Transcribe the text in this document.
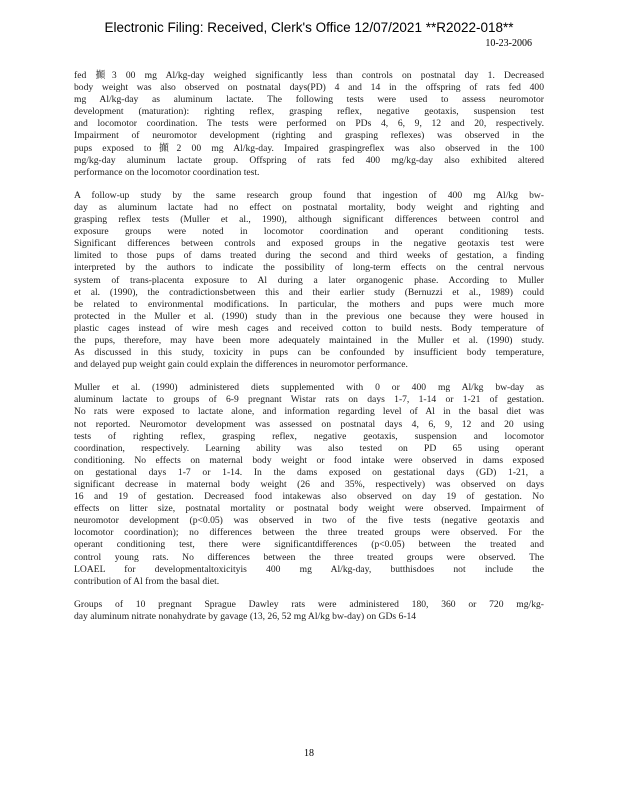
Electronic Filing: Received, Clerk's Office 12/07/2021 **R2022-018**
10-23-2006
fed 攧3 00 mg Al/kg-day weighed significantly less than controls on postnatal day 1. Decreased
body weight was also observed on postnatal days(PD) 4 and 14 in the offspring of rats fed 400
mg Al/kg-day as aluminum lactate. The following tests were used to assess neuromotor
development (maturation): righting reflex, grasping reflex, negative geotaxis, suspension test
and locomotor coordination. The tests were performed on PDs 4, 6, 9, 12 and 20, respectively.
Impairment of neuromotor development (righting and grasping reflexes) was observed in the
pups exposed to攧2 00 mg Al/kg-day. Impaired graspingreflex was also observed in the 100
mg/kg-day aluminum lactate group. Offspring of rats fed 400 mg/kg-day also exhibited altered
performance on the locomotor coordination test.
A follow-up study by the same research group found that ingestion of 400 mg Al/kg bw-
day as aluminum lactate had no effect on postnatal mortality, body weight and righting and
grasping reflex tests (Muller et al., 1990), although significant differences between control and
exposure groups were noted in locomotor coordination and operant conditioning tests.
Significant differences between controls and exposed groups in the negative geotaxis test were
limited to those pups of dams treated during the second and third weeks of gestation, a finding
interpreted by the authors to indicate the possibility of long-term effects on the central nervous
system of trans-placenta exposure to Al during a later organogenic phase. According to Muller
et al. (1990), the contradictionsbetween this and their earlier study (Bernuzzi et al., 1989) could
be related to environmental modifications. In particular, the mothers and pups were much more
protected in the Muller et al. (1990) study than in the previous one because they were housed in
plastic cages instead of wire mesh cages and received cotton to build nests. Body temperature of
the pups, therefore, may have been more adequately maintained in the Muller et al. (1990) study.
As discussed in this study, toxicity in pups can be confounded by insufficient body temperature,
and delayed pup weight gain could explain the differences in neuromotor performance.
Muller et al. (1990) administered diets supplemented with 0 or 400 mg Al/kg bw-day as
aluminum lactate to groups of 6-9 pregnant Wistar rats on days 1-7, 1-14 or 1-21 of gestation.
No rats were exposed to lactate alone, and information regarding level of Al in the basal diet was
not reported. Neuromotor development was assessed on postnatal days 4, 6, 9, 12 and 20 using
tests of righting reflex, grasping reflex, negative geotaxis, suspension and locomotor
coordination, respectively. Learning ability was also tested on PD 65 using operant
conditioning. No effects on maternal body weight or food intake were observed in dams exposed
on gestational days 1-7 or 1-14. In the dams exposed on gestational days (GD) 1-21, a
significant decrease in maternal body weight (26 and 35%, respectively) was observed on days
16 and 19 of gestation. Decreased food intakewas also observed on day 19 of gestation. No
effects on litter size, postnatal mortality or postnatal body weight were observed. Impairment of
neuromotor development (p<0.05) was observed in two of the five tests (negative geotaxis and
locomotor coordination); no differences between the three treated groups were observed. For the
operant conditioning test, there were significantdifferences (p<0.05) between the treated and
control young rats. No differences between the three treated groups were observed. The
LOAEL for developmentaltoxicityis 400 mg Al/kg-day, butthisdoes not include the
contribution of Al from the basal diet.
Groups of 10 pregnant Sprague Dawley rats were administered 180, 360 or 720 mg/kg-
day aluminum nitrate nonahydrate by gavage (13, 26, 52 mg Al/kg bw-day) on GDs 6-14
18
